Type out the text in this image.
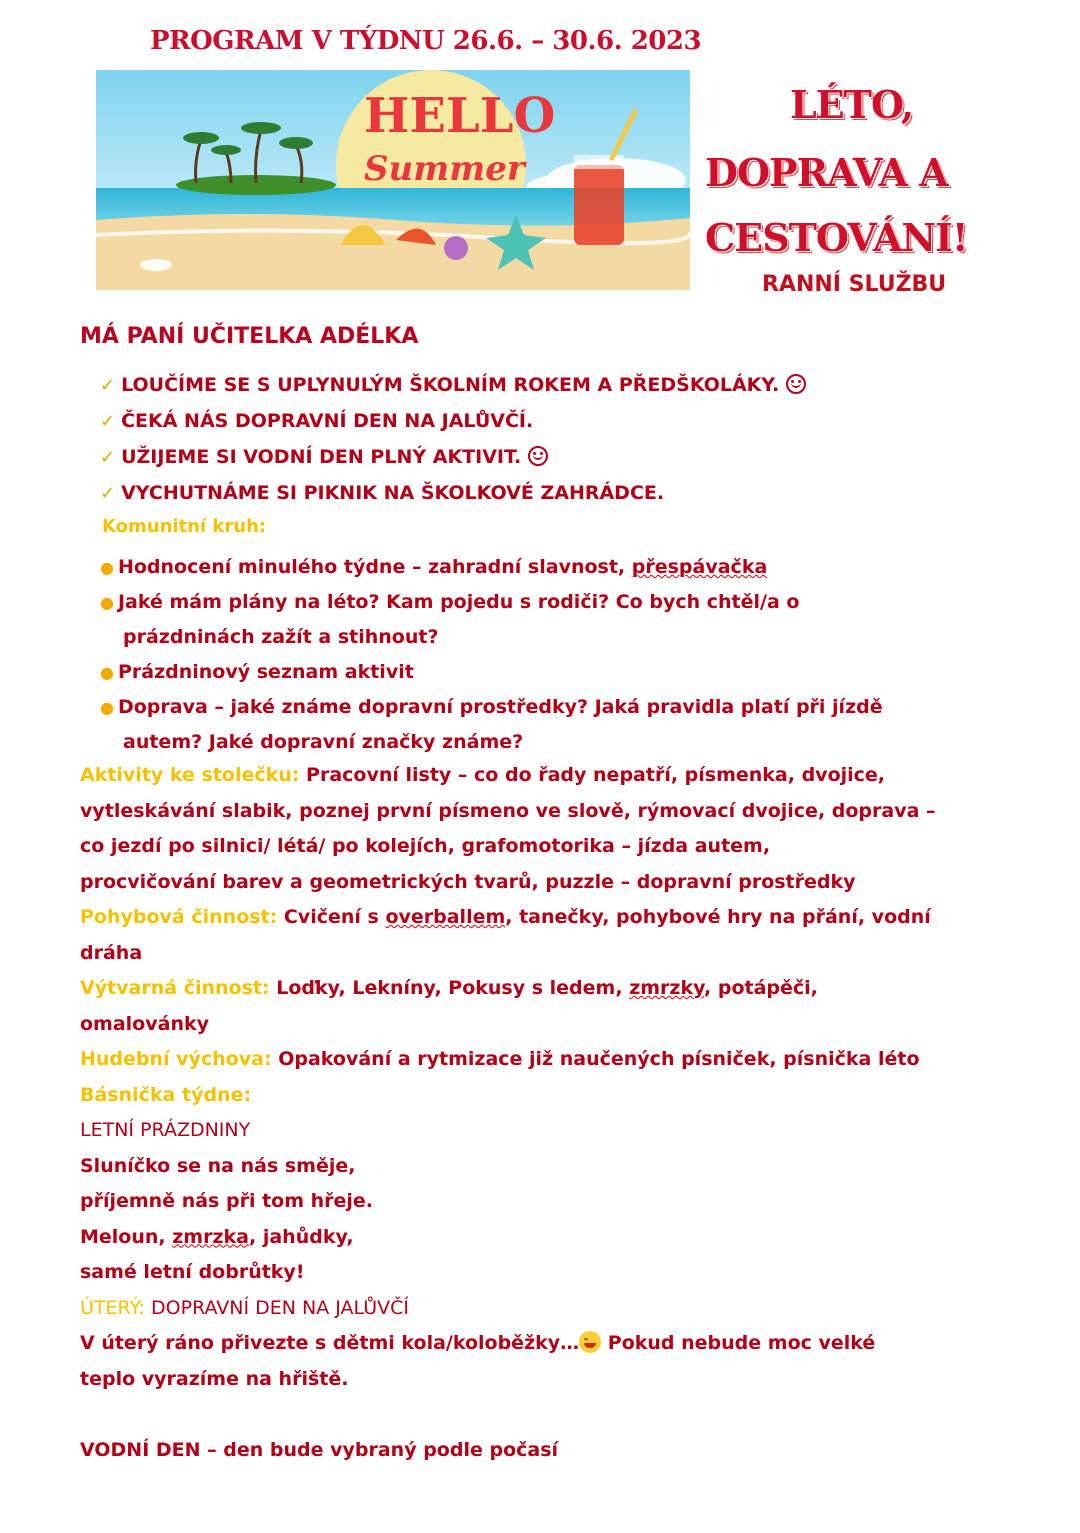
PROGRAM V TÝDNU 26.6. – 30.6. 2023
HELLO
Summer
LÉTO,
DOPRAVA A
CESTOVÁNÍ!
RANNÍ SLUŽBU
MÁ PANÍ UČITELKA ADÉLKA
✓ LOUČÍME SE S UPLYNULÝM ŠKOLNÍM ROKEM A PŘEDŠKOLÁKY.
✓ ČEKÁ NÁS DOPRAVNÍ DEN NA JALŮVČÍ.
✓ UŽIJEME SI VODNÍ DEN PLNÝ AKTIVIT.
✓ VYCHUTNÁME SI PIKNIK NA ŠKOLKOVÉ ZAHRÁDCE.
Komunitní kruh:
● Hodnocení minulého týdne – zahradní slavnost, přespávačka
● Jaké mám plány na léto? Kam pojedu s rodiči? Co bych chtěl/a o
prázdninách zažít a stihnout?
● Prázdninový seznam aktivit
● Doprava – jaké známe dopravní prostředky? Jaká pravidla platí při jízdě
autem? Jaké dopravní značky známe?
Aktivity ke stolečku: Pracovní listy – co do řady nepatří, písmenka, dvojice,
vytleskávání slabik, poznej první písmeno ve slově, rýmovací dvojice, doprava –
co jezdí po silnici/ létá/ po kolejích, grafomotorika – jízda autem,
procvičování barev a geometrických tvarů, puzzle – dopravní prostředky
Pohybová činnost: Cvičení s overballem, tanečky, pohybové hry na přání, vodní
dráha
Výtvarná činnost: Loďky, Lekníny, Pokusy s ledem, zmrzky, potápěči,
omalovánky
Hudební výchova: Opakování a rytmizace již naučených písniček, písnička léto
Básnička týdne:
LETNÍ PRÁZDNINY
Sluníčko se na nás směje,
příjemně nás při tom hřeje.
Meloun, zmrzka, jahůdky,
samé letní dobrůtky!
ÚTERÝ: DOPRAVNÍ DEN NA JALŮVČÍ
V úterý ráno přivezte s dětmi kola/koloběžky… Pokud nebude moc velké
teplo vyrazíme na hřiště.
VODNÍ DEN – den bude vybraný podle počasí
